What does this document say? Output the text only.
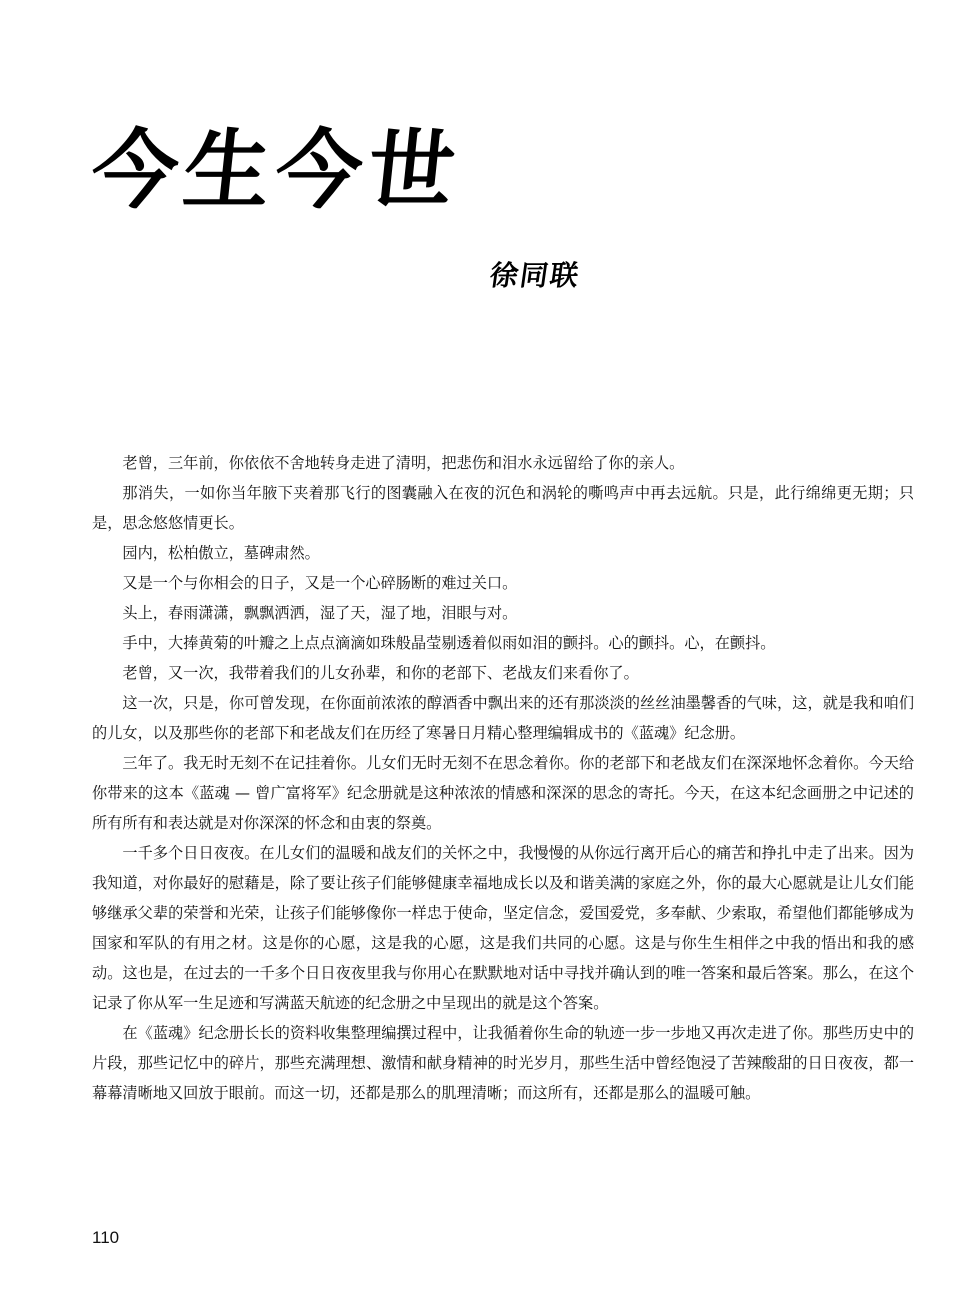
今生今世
徐同联

老曾，三年前，你依依不舍地转身走进了清明，把悲伤和泪水永远留给了你的亲人。

那消失，一如你当年腋下夹着那飞行的图囊融入在夜的沉色和涡轮的嘶鸣声中再去远航。只是，此行绵绵更无期；只是，思念悠悠情更长。

园内，松柏傲立，墓碑肃然。

又是一个与你相会的日子，又是一个心碎肠断的难过关口。

头上，春雨潇潇，飘飘洒洒，湿了天，湿了地，泪眼与对。

手中，大捧黄菊的叶瓣之上点点滴滴如珠般晶莹剔透着似雨如泪的颤抖。心的颤抖。心，在颤抖。

老曾，又一次，我带着我们的儿女孙辈，和你的老部下、老战友们来看你了。

这一次，只是，你可曾发现，在你面前浓浓的醇酒香中飘出来的还有那淡淡的丝丝油墨馨香的气味，这，就是我和咱们的儿女，以及那些你的老部下和老战友们在历经了寒暑日月精心整理编辑成书的《蓝魂》纪念册。

三年了。我无时无刻不在记挂着你。儿女们无时无刻不在思念着你。你的老部下和老战友们在深深地怀念着你。今天给你带来的这本《蓝魂 — 曾广富将军》纪念册就是这种浓浓的情感和深深的思念的寄托。今天，在这本纪念画册之中记述的所有所有和表达就是对你深深的怀念和由衷的祭奠。

一千多个日日夜夜。在儿女们的温暖和战友们的关怀之中，我慢慢的从你远行离开后心的痛苦和挣扎中走了出来。因为我知道，对你最好的慰藉是，除了要让孩子们能够健康幸福地成长以及和谐美满的家庭之外，你的最大心愿就是让儿女们能够继承父辈的荣誉和光荣，让孩子们能够像你一样忠于使命，坚定信念，爱国爱党，多奉献、少索取，希望他们都能够成为国家和军队的有用之材。这是你的心愿，这是我的心愿，这是我们共同的心愿。这是与你生生相伴之中我的悟出和我的感动。这也是，在过去的一千多个日日夜夜里我与你用心在默默地对话中寻找并确认到的唯一答案和最后答案。那么，在这个记录了你从军一生足迹和写满蓝天航迹的纪念册之中呈现出的就是这个答案。

在《蓝魂》纪念册长长的资料收集整理编撰过程中，让我循着你生命的轨迹一步一步地又再次走进了你。那些历史中的片段，那些记忆中的碎片，那些充满理想、激情和献身精神的时光岁月，那些生活中曾经饱浸了苦辣酸甜的日日夜夜，都一幕幕清晰地又回放于眼前。而这一切，还都是那么的肌理清晰；而这所有，还都是那么的温暖可触。

110
